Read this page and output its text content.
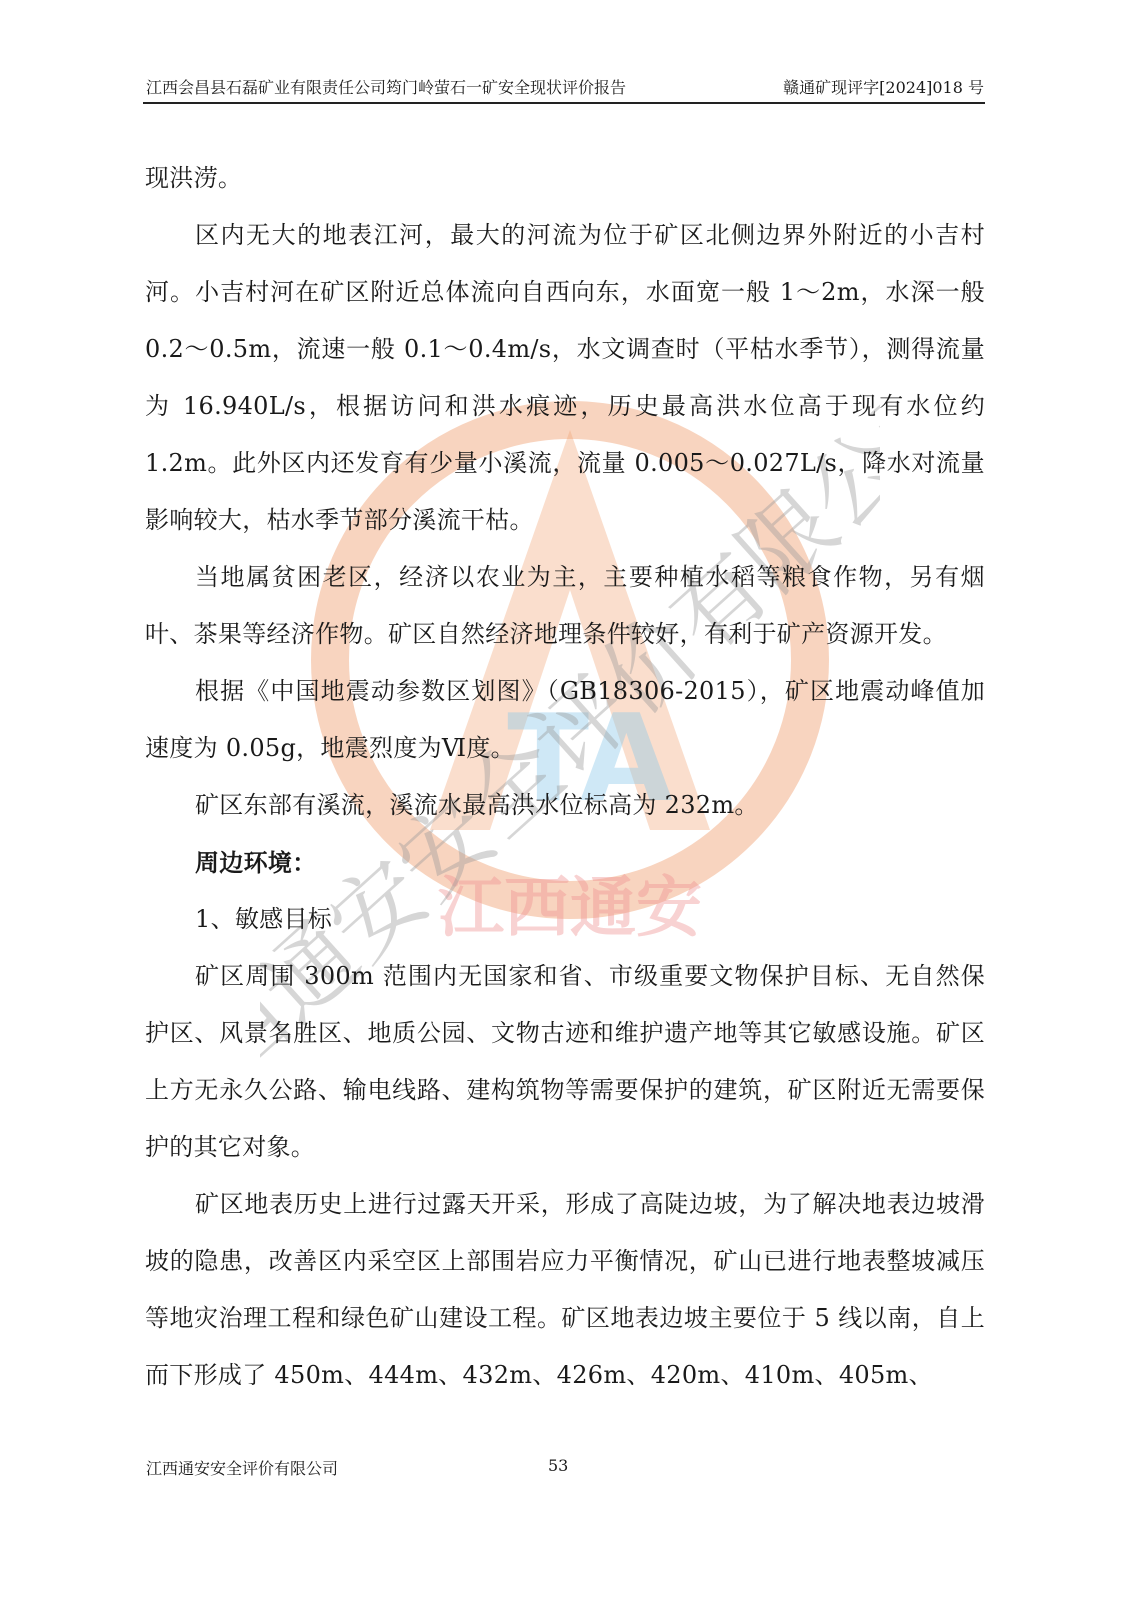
江西会昌县石磊矿业有限责任公司筠门岭萤石一矿安全现状评价报告	赣通矿现评字[2024]018 号
TA
江西通安
江西通安安全评价有限公司

现洪涝。

区内无大的地表江河，最大的河流为位于矿区北侧边界外附近的小吉村河。小吉村河在矿区附近总体流向自西向东，水面宽一般 1～2m，水深一般 0.2～0.5m，流速一般 0.1～0.4m/s，水文调查时（平枯水季节），测得流量为 16.940L/s，根据访问和洪水痕迹，历史最高洪水位高于现有水位约 1.2m。此外区内还发育有少量小溪流，流量 0.005～0.027L/s，降水对流量影响较大，枯水季节部分溪流干枯。

当地属贫困老区，经济以农业为主，主要种植水稻等粮食作物，另有烟叶、茶果等经济作物。矿区自然经济地理条件较好，有利于矿产资源开发。

根据《中国地震动参数区划图》（GB18306-2015），矿区地震动峰值加速度为 0.05g，地震烈度为Ⅵ度。

矿区东部有溪流，溪流水最高洪水位标高为 232m。

周边环境：

1、敏感目标

矿区周围 300m 范围内无国家和省、市级重要文物保护目标、无自然保护区、风景名胜区、地质公园、文物古迹和维护遗产地等其它敏感设施。矿区上方无永久公路、输电线路、建构筑物等需要保护的建筑，矿区附近无需要保护的其它对象。

矿区地表历史上进行过露天开采，形成了高陡边坡，为了解决地表边坡滑坡的隐患，改善区内采空区上部围岩应力平衡情况，矿山已进行地表整坡减压等地灾治理工程和绿色矿山建设工程。矿区地表边坡主要位于 5 线以南，自上而下形成了 450m、444m、432m、426m、420m、410m、405m、

江西通安安全评价有限公司	53
